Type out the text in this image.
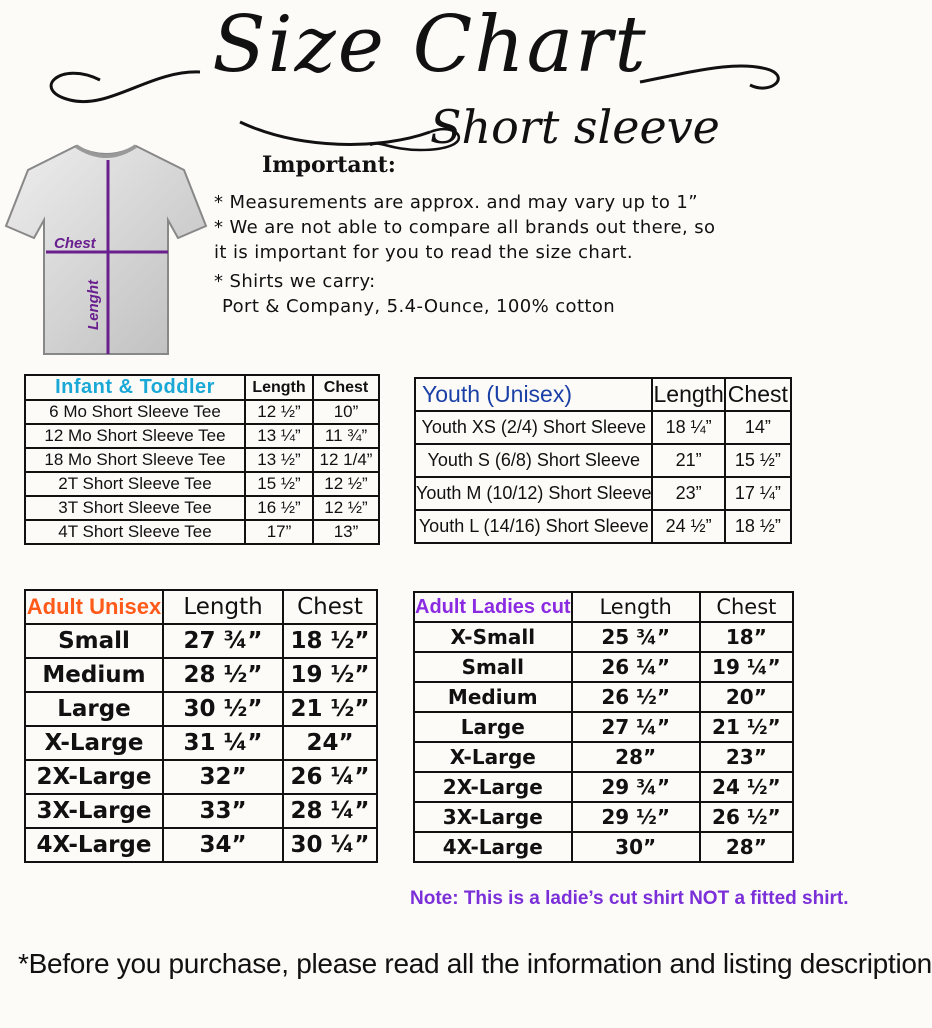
Size Chart
Short sleeve
Chest
Lenght
Important:
* Measurements are approx. and may vary up to 1”
* We are not able to compare all brands out there, so
it is important for you to read the size chart.
* Shirts we carry:
Port & Company, 5.4-Ounce, 100% cotton
Infant & Toddler	Length	Chest
6 Mo Short Sleeve Tee	12 ½”	10”
12 Mo Short Sleeve Tee	13 ¼”	11 ¾”
18 Mo Short Sleeve Tee	13 ½”	12 1/4”
2T Short Sleeve Tee	15 ½”	12 ½”
3T Short Sleeve Tee	16 ½”	12 ½”
4T Short Sleeve Tee	17”	13”
Youth (Unisex)	Length	Chest
Youth XS (2/4) Short Sleeve	18 ¼”	14”
Youth S (6/8) Short Sleeve	21”	15 ½”
Youth M (10/12) Short Sleeve	23”	17 ¼”
Youth L (14/16) Short Sleeve	24 ½”	18 ½”
Adult Unisex	Length	Chest
Small	27 ¾”	18 ½”
Medium	28 ½”	19 ½”
Large	30 ½”	21 ½”
X-Large	31 ¼”	24”
2X-Large	32”	26 ¼”
3X-Large	33”	28 ¼”
4X-Large	34”	30 ¼”
Adult Ladies cut	Length	Chest
X-Small	25 ¾”	18”
Small	26 ¼”	19 ¼”
Medium	26 ½”	20”
Large	27 ¼”	21 ½”
X-Large	28”	23”
2X-Large	29 ¾”	24 ½”
3X-Large	29 ½”	26 ½”
4X-Large	30”	28”
Note: This is a ladie’s cut shirt NOT a fitted shirt.
*Before you purchase, please read all the information and listing description
